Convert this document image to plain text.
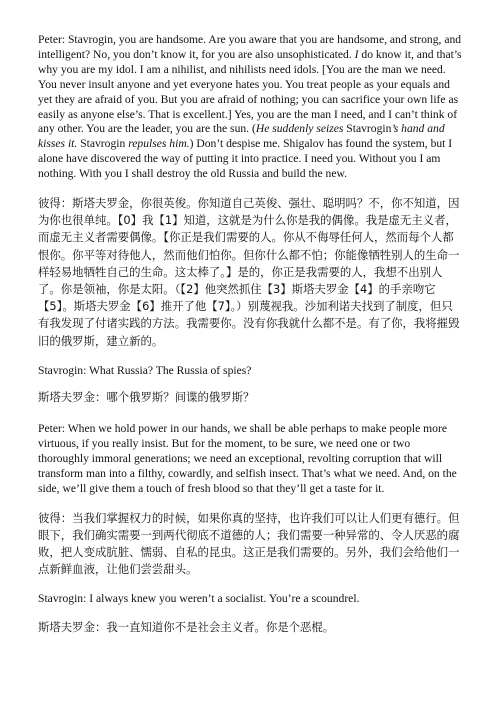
Peter: Stavrogin, you are handsome. Are you aware that you are handsome, and strong, and intelligent? No, you don’t know it, for you are also unsophisticated. I do know it, and that’s why you are my idol. I am a nihilist, and nihilists need idols. [You are the man we need. You never insult anyone and yet everyone hates you. You treat people as your equals and yet they are afraid of you. But you are afraid of nothing; you can sacrifice your own life as easily as anyone else’s. That is excellent.] Yes, you are the man I need, and I can’t think of any other. You are the leader, you are the sun. (He suddenly seizes Stavrogin’s hand and kisses it. Stavrogin repulses him.) Don’t despise me. Shigalov has found the system, but I alone have discovered the way of putting it into practice. I need you. Without you I am nothing. With you I shall destroy the old Russia and build the new.

彼得：斯塔夫罗金，你很英俊。你知道自己英俊、强壮、聪明吗？不，你不知道，因为你也很单纯。【0】我【1】知道，这就是为什么你是我的偶像。我是虚无主义者，而虚无主义者需要偶像。【你正是我们需要的人。你从不侮辱任何人，然而每个人都恨你。你平等对待他人，然而他们怕你。但你什么都不怕；你能像牺牲别人的生命一样轻易地牺牲自己的生命。这太棒了。】是的，你正是我需要的人，我想不出别人了。你是领袖，你是太阳。（【2】他突然抓住【3】斯塔夫罗金【4】的手亲吻它【5】。斯塔夫罗金【6】推开了他【7】。）别蔑视我。沙加利诺夫找到了制度，但只有我发现了付诸实践的方法。我需要你。没有你我就什么都不是。有了你，我将摧毁旧的俄罗斯，建立新的。

Stavrogin: What Russia? The Russia of spies?

斯塔夫罗金：哪个俄罗斯？间谍的俄罗斯？

Peter: When we hold power in our hands, we shall be able perhaps to make people more virtuous, if you really insist. But for the moment, to be sure, we need one or two thoroughly immoral generations; we need an exceptional, revolting corruption that will transform man into a filthy, cowardly, and selfish insect. That’s what we need. And, on the side, we’ll give them a touch of fresh blood so that they’ll get a taste for it.

彼得：当我们掌握权力的时候，如果你真的坚持，也许我们可以让人们更有德行。但眼下，我们确实需要一到两代彻底不道德的人；我们需要一种异常的、令人厌恶的腐败，把人变成肮脏、懦弱、自私的昆虫。这正是我们需要的。另外，我们会给他们一点新鲜血液，让他们尝尝甜头。

Stavrogin: I always knew you weren’t a socialist. You’re a scoundrel.

斯塔夫罗金：我一直知道你不是社会主义者。你是个恶棍。
